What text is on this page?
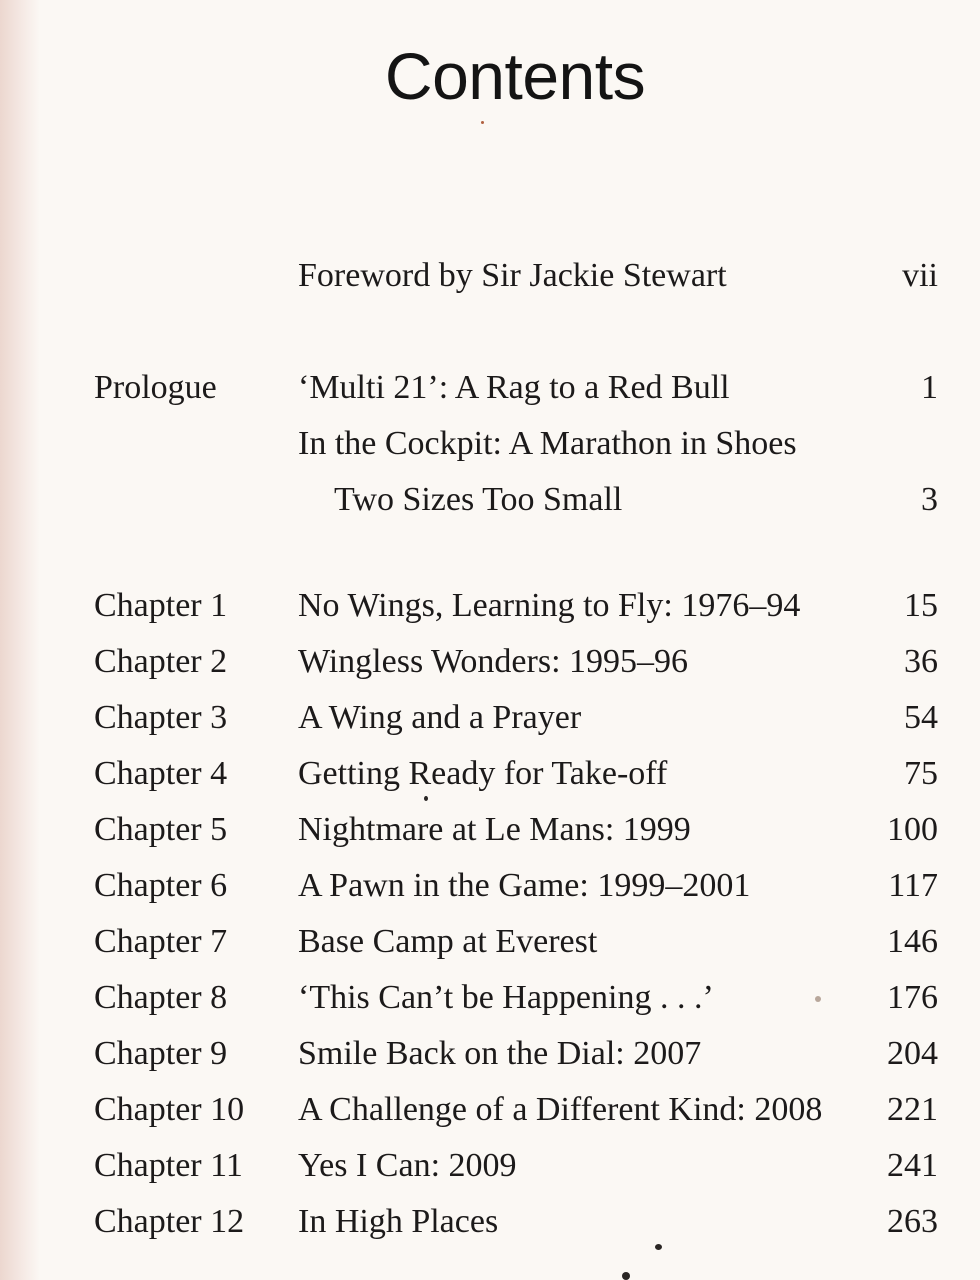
Contents
Foreword by Sir Jackie Stewart	vii
Prologue ‘Multi 21’: A Rag to a Red Bull	1
In the Cockpit: A Marathon in Shoes
Two Sizes Too Small	3
Chapter 1 No Wings, Learning to Fly: 1976–94	15
Chapter 2 Wingless Wonders: 1995–96	36
Chapter 3 A Wing and a Prayer	54
Chapter 4 Getting Ready for Take-off	75
Chapter 5 Nightmare at Le Mans: 1999	100
Chapter 6 A Pawn in the Game: 1999–2001	117
Chapter 7 Base Camp at Everest	146
Chapter 8 ‘This Can’t be Happening . . .’	176
Chapter 9 Smile Back on the Dial: 2007	204
Chapter 10 A Challenge of a Different Kind: 2008 221
Chapter 11 Yes I Can: 2009	241
Chapter 12 In High Places	263
